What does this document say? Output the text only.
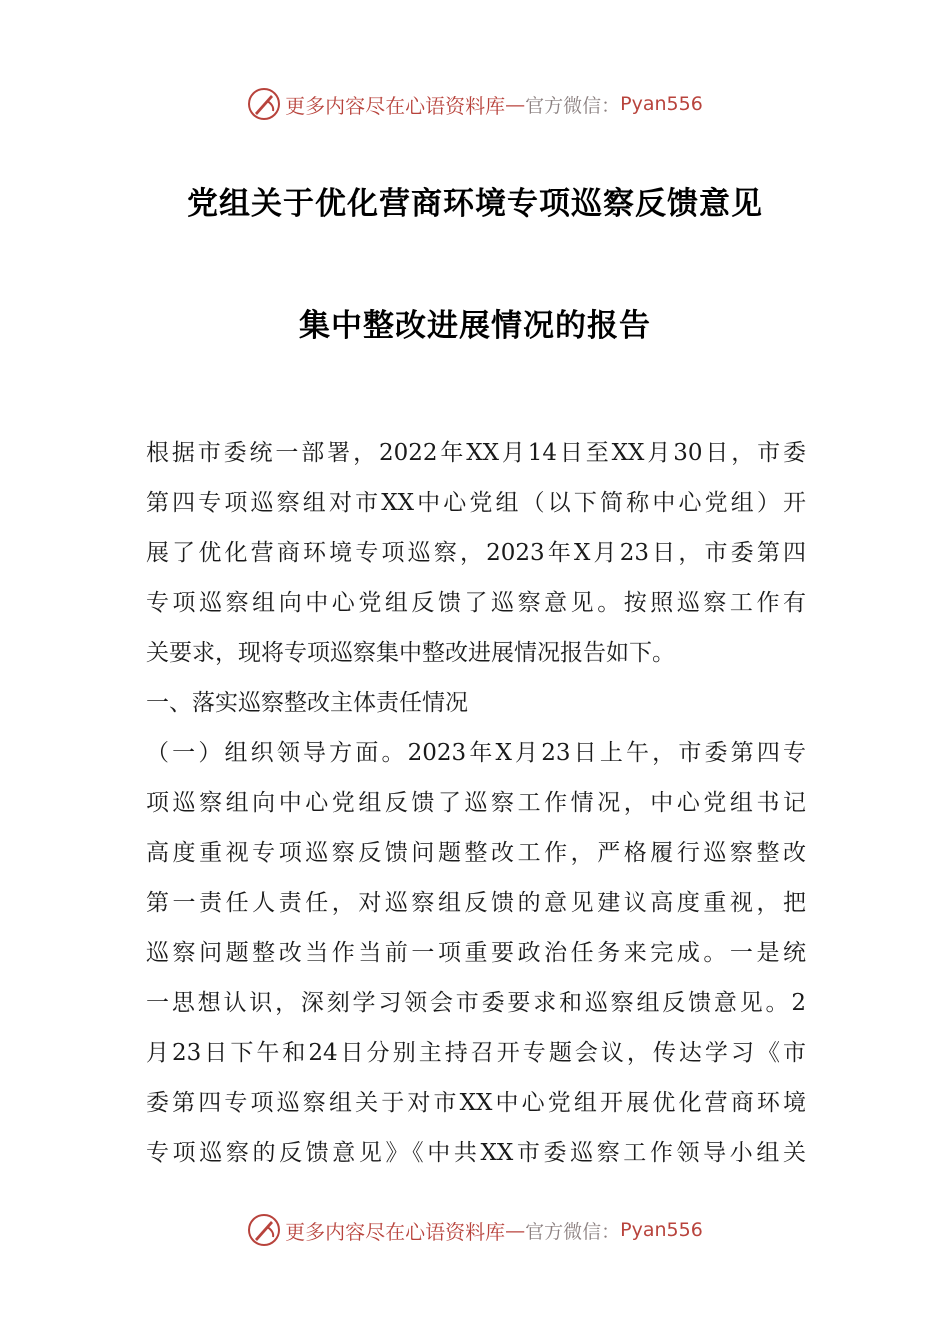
更多内容尽在心语资料库 — 官方微信： Pyan556
党组关于优化营商环境专项巡察反馈意见
集中整改进展情况的报告
根据市委统一部署，2022年XX月14日至XX月30日，市委
第四专项巡察组对市XX中心党组（以下简称中心党组）开
展了优化营商环境专项巡察，2023年X月23日，市委第四
专项巡察组向中心党组反馈了巡察意见。按照巡察工作有
关要求，现将专项巡察集中整改进展情况报告如下。
一、落实巡察整改主体责任情况
（一）组织领导方面。2023年X月23日上午，市委第四专
项巡察组向中心党组反馈了巡察工作情况，中心党组书记
高度重视专项巡察反馈问题整改工作，严格履行巡察整改
第一责任人责任，对巡察组反馈的意见建议高度重视，把
巡察问题整改当作当前一项重要政治任务来完成。一是统
一思想认识，深刻学习领会市委要求和巡察组反馈意见。2
月23日下午和24日分别主持召开专题会议，传达学习《市
委第四专项巡察组关于对市XX中心党组开展优化营商环境
专项巡察的反馈意见》《中共XX市委巡察工作领导小组关
更多内容尽在心语资料库 — 官方微信： Pyan556
